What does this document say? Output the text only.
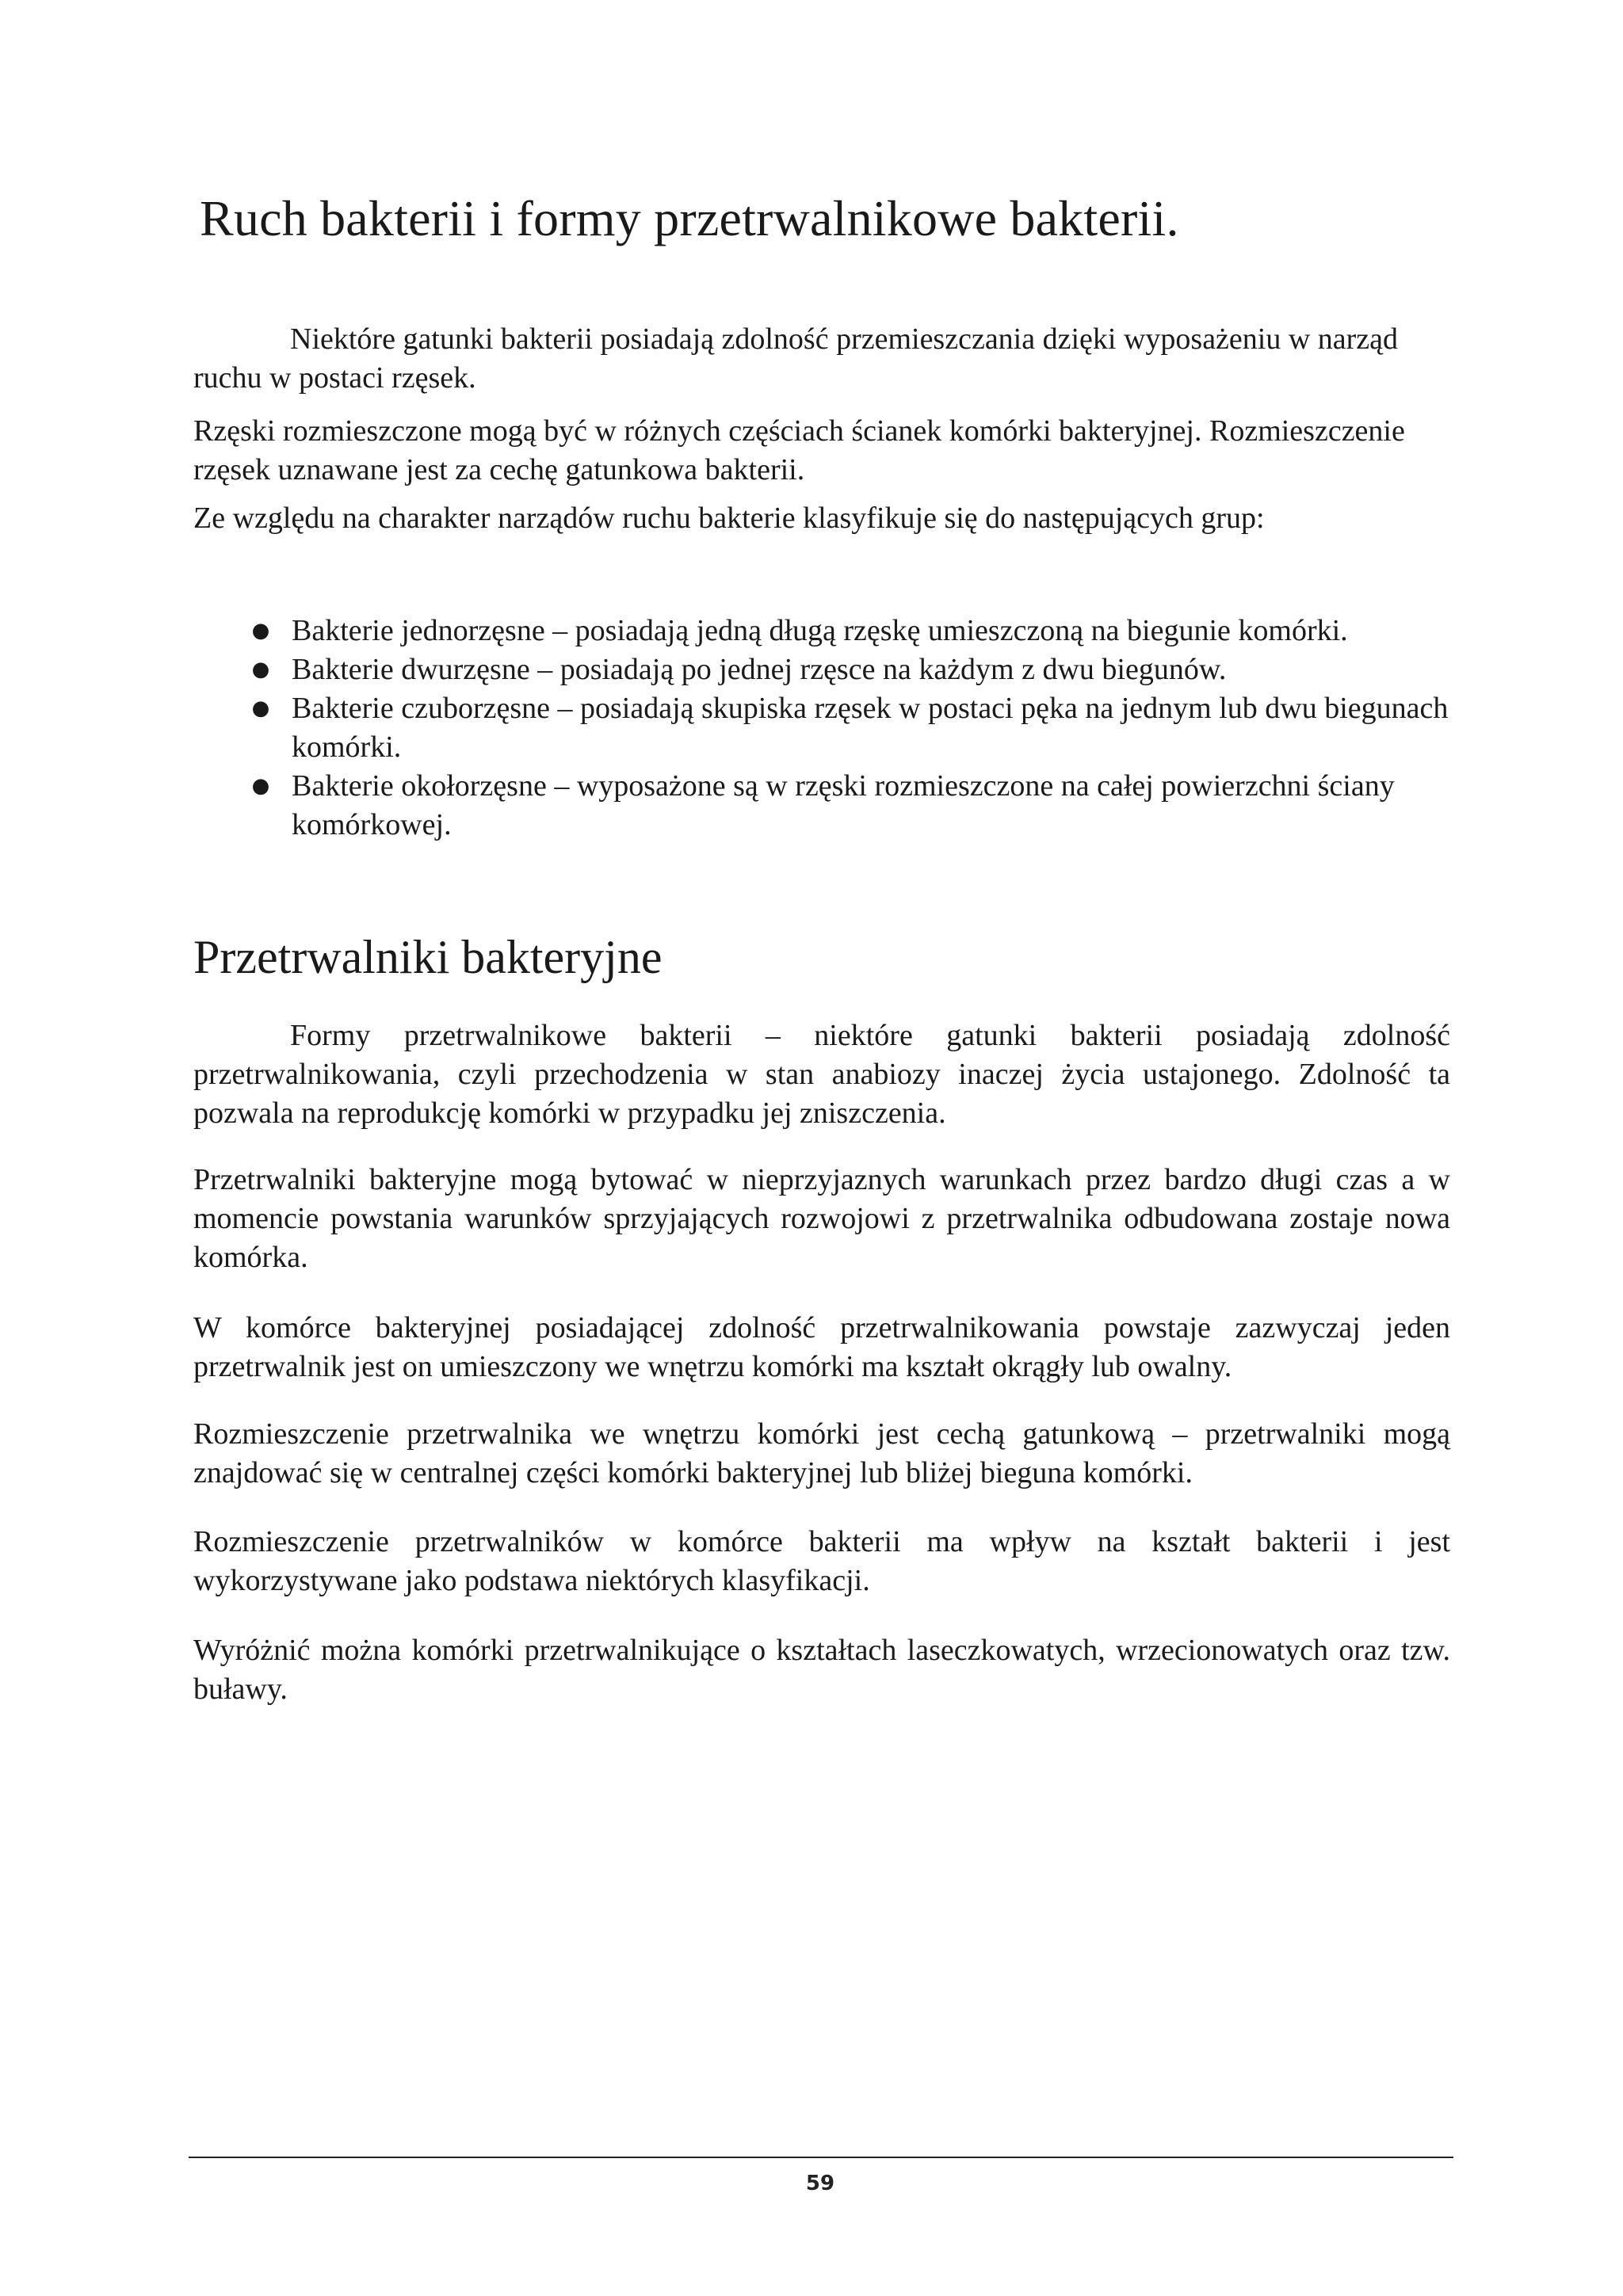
Ruch bakterii i formy przetrwalnikowe bakterii.

Niektóre gatunki bakterii posiadają zdolność przemieszczania dzięki wyposażeniu w narząd ruchu w postaci rzęsek.

Rzęski rozmieszczone mogą być w różnych częściach ścianek komórki bakteryjnej. Rozmieszczenie rzęsek uznawane jest za cechę gatunkowa bakterii.

Ze względu na charakter narządów ruchu bakterie klasyfikuje się do następujących grup:

● Bakterie jednorzęsne – posiadają jedną długą rzęskę umieszczoną na biegunie komórki.
● Bakterie dwurzęsne – posiadają po jednej rzęsce na każdym z dwu biegunów.
● Bakterie czuborzęsne – posiadają skupiska rzęsek w postaci pęka na jednym lub dwu biegunach komórki.
● Bakterie okołorzęsne – wyposażone są w rzęski rozmieszczone na całej powierzchni ściany komórkowej.
Przetrwalniki bakteryjne

Formy przetrwalnikowe bakterii – niektóre gatunki bakterii posiadają zdolność przetrwalnikowania, czyli przechodzenia w stan anabiozy inaczej życia ustajonego. Zdolność ta pozwala na reprodukcję komórki w przypadku jej zniszczenia.

Przetrwalniki bakteryjne mogą bytować w nieprzyjaznych warunkach przez bardzo długi czas a w momencie powstania warunków sprzyjających rozwojowi z przetrwalnika odbudowana zostaje nowa komórka.

W komórce bakteryjnej posiadającej zdolność przetrwalnikowania powstaje zazwyczaj jeden przetrwalnik jest on umieszczony we wnętrzu komórki ma kształt okrągły lub owalny.

Rozmieszczenie przetrwalnika we wnętrzu komórki jest cechą gatunkową – przetrwalniki mogą znajdować się w centralnej części komórki bakteryjnej lub bliżej bieguna komórki.

Rozmieszczenie przetrwalników w komórce bakterii ma wpływ na kształt bakterii i jest wykorzystywane jako podstawa niektórych klasyfikacji.

Wyróżnić można komórki przetrwalnikujące o kształtach laseczkowatych, wrzecionowatych oraz tzw. buławy.

59
